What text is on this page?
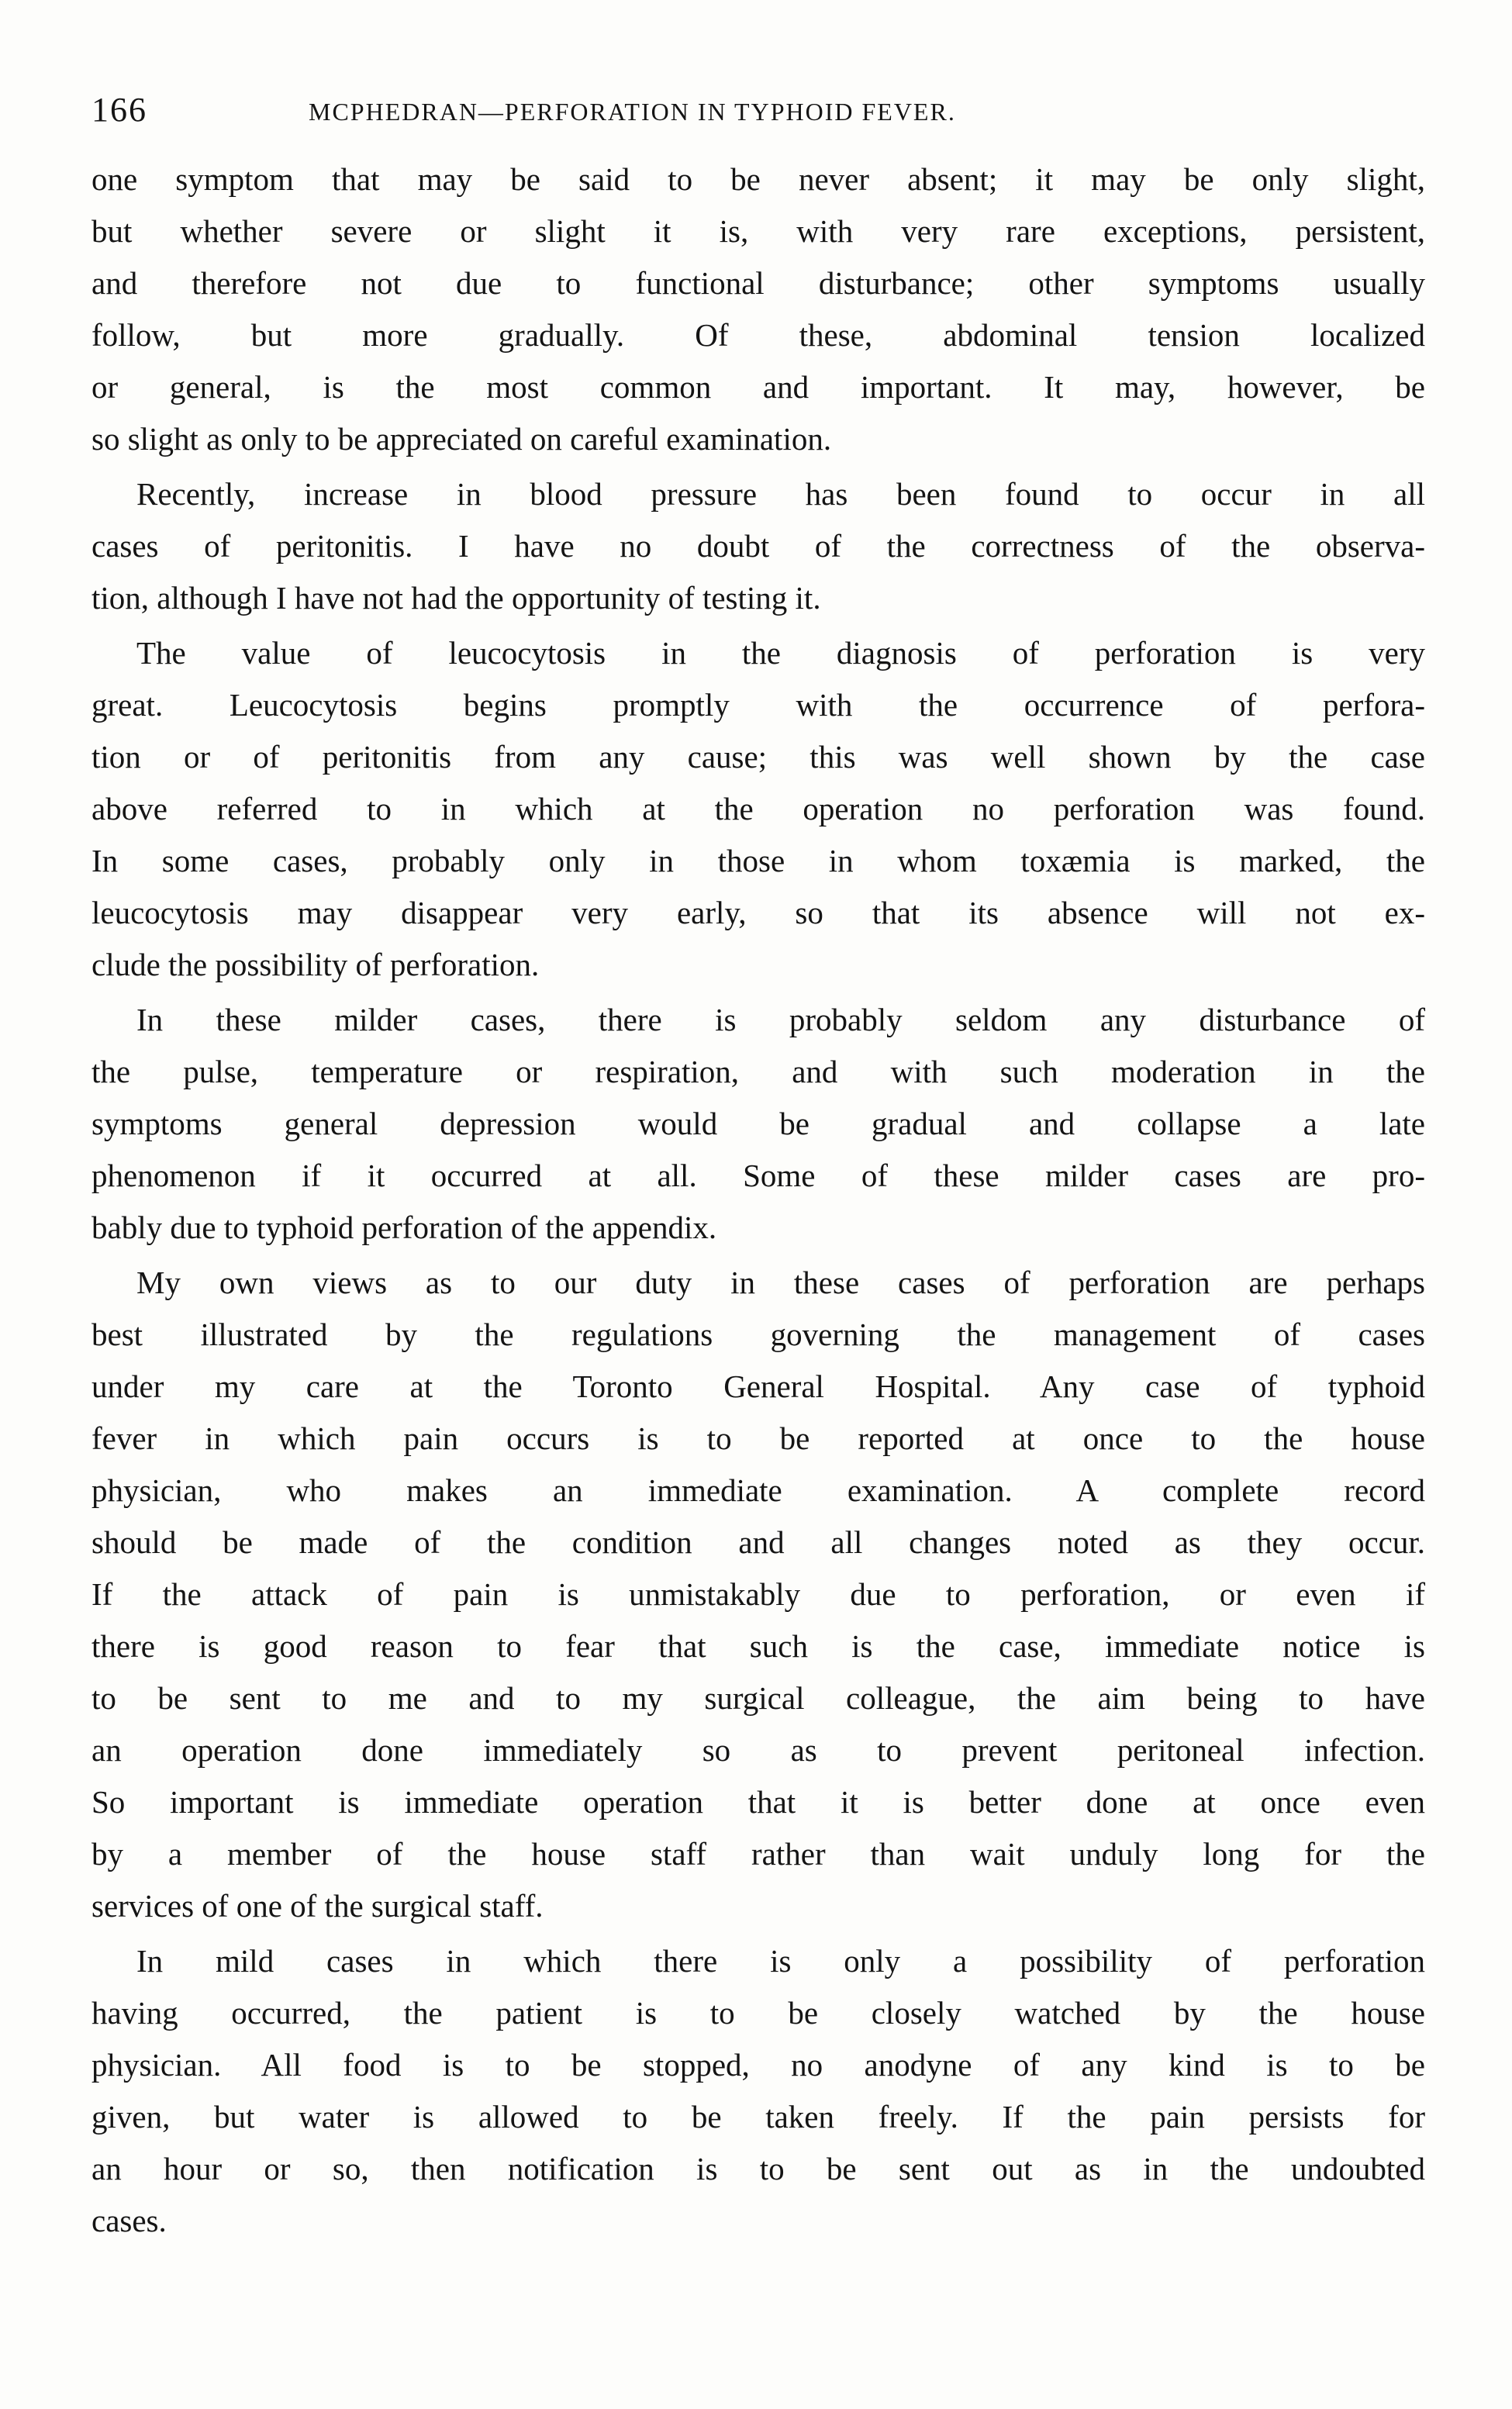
166	MCPHEDRAN—PERFORATION IN TYPHOID FEVER.
one symptom that may be said to be never absent; it may be only slight,
but whether severe or slight it is, with very rare exceptions, persistent,
and therefore not due to functional disturbance; other symptoms usually
follow, but more gradually. Of these, abdominal tension localized
or general, is the most common and important. It may, however, be
so slight as only to be appreciated on careful examination.
Recently, increase in blood pressure has been found to occur in all
cases of peritonitis. I have no doubt of the correctness of the observa-
tion, although I have not had the opportunity of testing it.
The value of leucocytosis in the diagnosis of perforation is very
great. Leucocytosis begins promptly with the occurrence of perfora-
tion or of peritonitis from any cause; this was well shown by the case
above referred to in which at the operation no perforation was found.
In some cases, probably only in those in whom toxæmia is marked, the
leucocytosis may disappear very early, so that its absence will not ex-
clude the possibility of perforation.
In these milder cases, there is probably seldom any disturbance of
the pulse, temperature or respiration, and with such moderation in the
symptoms general depression would be gradual and collapse a late
phenomenon if it occurred at all. Some of these milder cases are pro-
bably due to typhoid perforation of the appendix.
My own views as to our duty in these cases of perforation are perhaps
best illustrated by the regulations governing the management of cases
under my care at the Toronto General Hospital. Any case of typhoid
fever in which pain occurs is to be reported at once to the house
physician, who makes an immediate examination. A complete record
should be made of the condition and all changes noted as they occur.
If the attack of pain is unmistakably due to perforation, or even if
there is good reason to fear that such is the case, immediate notice is
to be sent to me and to my surgical colleague, the aim being to have
an operation done immediately so as to prevent peritoneal infection.
So important is immediate operation that it is better done at once even
by a member of the house staff rather than wait unduly long for the
services of one of the surgical staff.
In mild cases in which there is only a possibility of perforation
having occurred, the patient is to be closely watched by the house
physician. All food is to be stopped, no anodyne of any kind is to be
given, but water is allowed to be taken freely. If the pain persists for
an hour or so, then notification is to be sent out as in the undoubted
cases.
